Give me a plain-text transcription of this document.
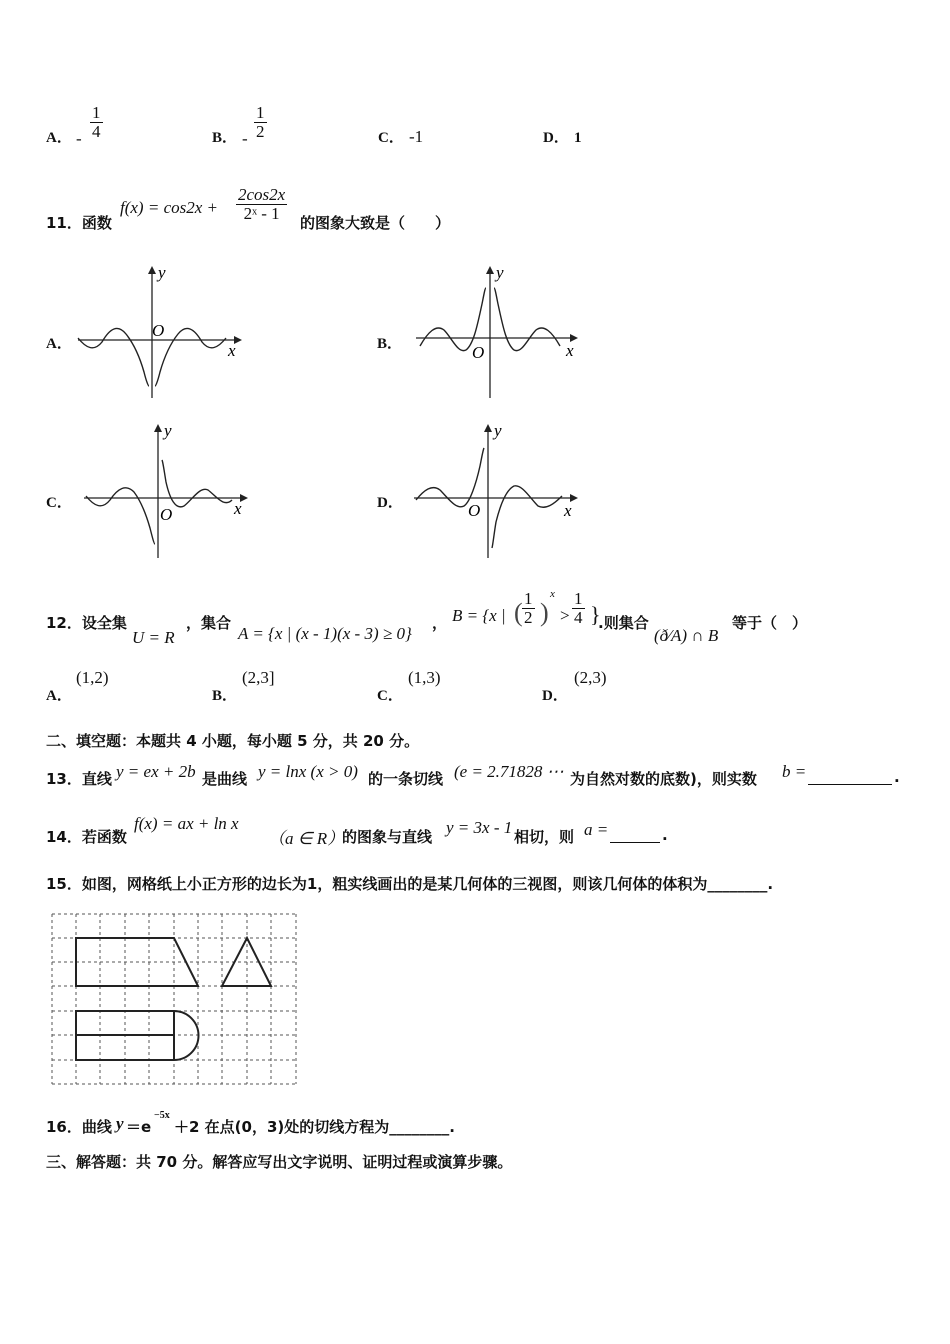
A． - $\frac{1}{4}$	B． - $\frac{1}{2}$	C． -1	D． 1
11．函数
$f(x) = \cos 2x + \frac{2\cos 2x}{\text{2ˣ - 1}}$ 的图象大致是（　　）
A．	B．
C．	D．
y
x
O
y
x
O
y
x
O
y
x
O
12．设全集
U = R
，集合
A = {x | (x - 1)(x - 3) ≥ 0}
， B = {x | ( $\frac{1}{2}$ )
x
> $\frac{1}{4}$ }
.则集合
(ð⁄A) ∩ B
等于（　）
A．
(1,2)
B．
(2,3]
C．
(1,3)
D．
(2,3)
二、填空题：本题共 4 小题，每小题 5 分，共 20 分。
13．直线 y = ex + 2b 是曲线 y = lnx (x > 0) 的一条切线 (e = 2.71828 ⋯ 为自然对数的底数)，则实数 b =	.
14．若函数
f(x) = ax + ln x
（a ∈ R）
的图象与直线 y = 3x - 1 相切，则 a =	.
15．如图，网格纸上小正方形的边长为1，粗实线画出的是某几何体的三视图，则该几何体的体积为________.
16．曲线 y ＝e
−5x
＋2 在点(0，3)处的切线方程为________.
三、解答题：共 70 分。解答应写出文字说明、证明过程或演算步骤。
